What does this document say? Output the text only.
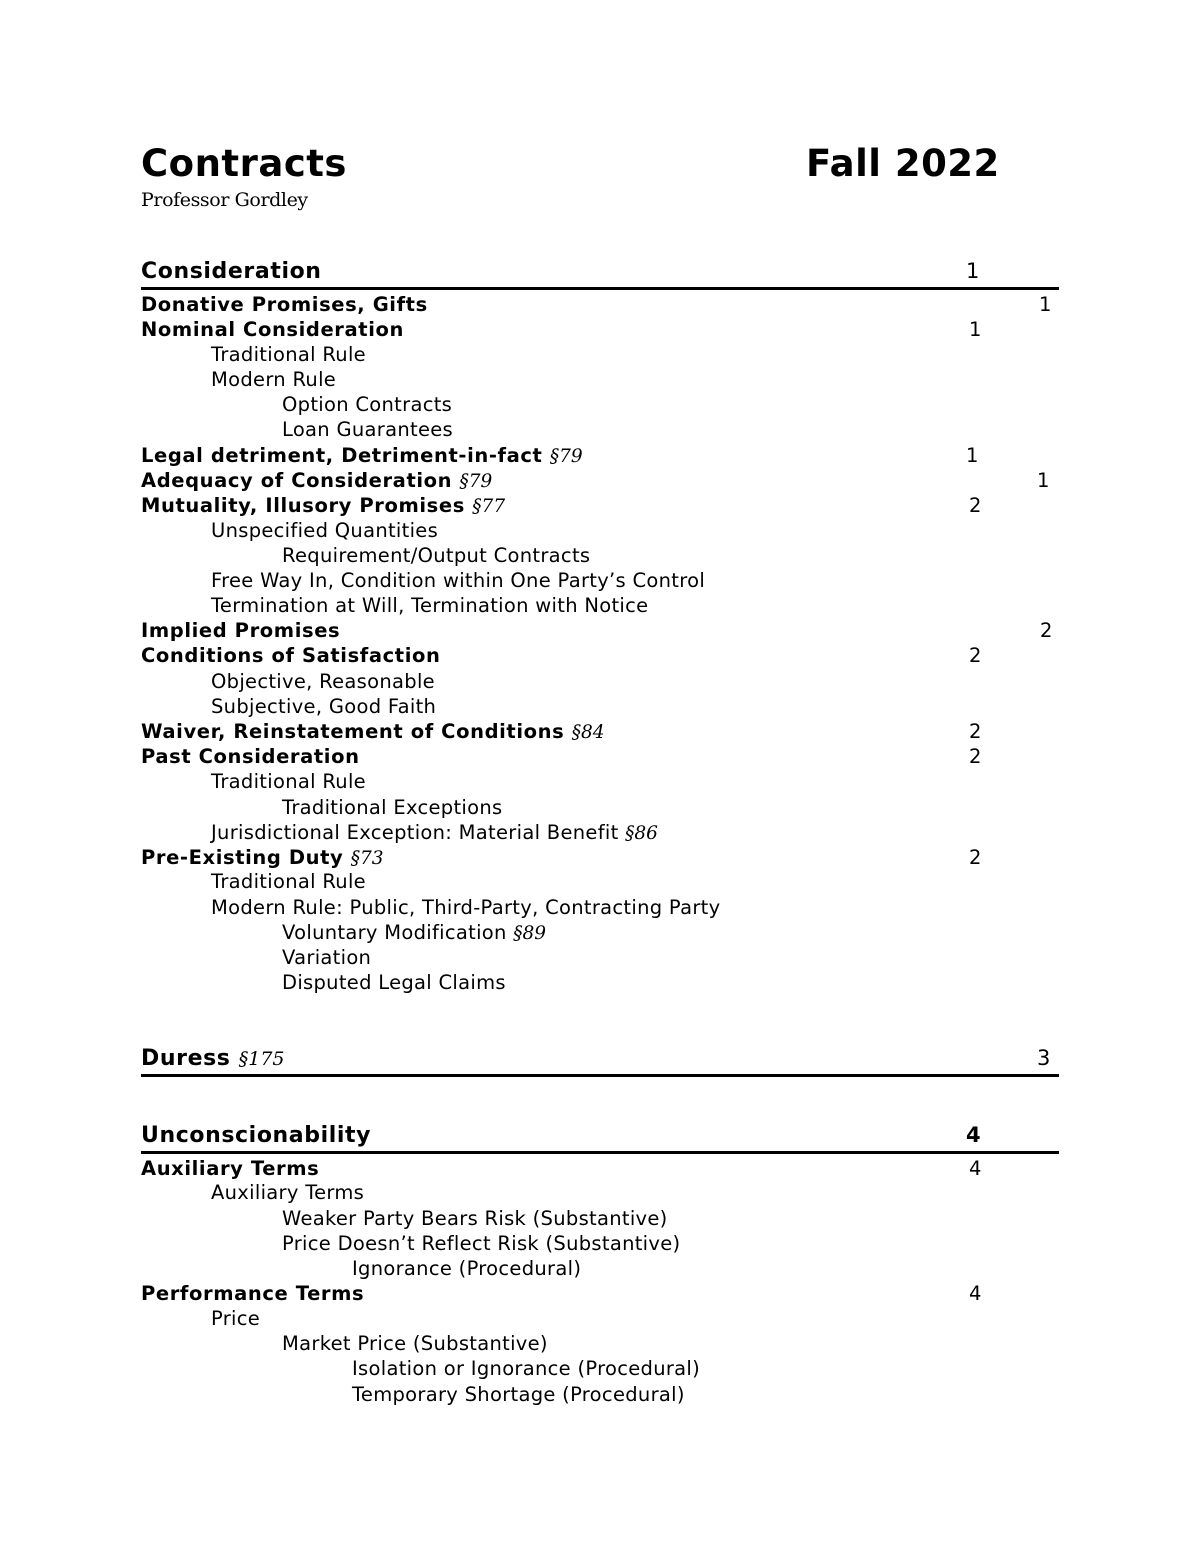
Contracts	Fall 2022
Professor Gordley
Consideration	1
Donative Promises, Gifts	1
Nominal Consideration	1
Traditional Rule
Modern Rule
Option Contracts
Loan Guarantees
Legal detriment, Detriment-in-fact §79	1
Adequacy of Consideration §79	1
Mutuality, Illusory Promises §77	2
Unspecified Quantities
Requirement/Output Contracts
Free Way In, Condition within One Party’s Control
Termination at Will, Termination with Notice
Implied Promises	2
Conditions of Satisfaction	2
Objective, Reasonable
Subjective, Good Faith
Waiver, Reinstatement of Conditions §84	2
Past Consideration	2
Traditional Rule
Traditional Exceptions
Jurisdictional Exception: Material Benefit §86
Pre-Existing Duty §73	2
Traditional Rule
Modern Rule: Public, Third-Party, Contracting Party
Voluntary Modification §89
Variation
Disputed Legal Claims
Duress §175	3
Unconscionability	4
Auxiliary Terms	4
Auxiliary Terms
Weaker Party Bears Risk (Substantive)
Price Doesn’t Reflect Risk (Substantive)
Ignorance (Procedural)
Performance Terms	4
Price
Market Price (Substantive)
Isolation or Ignorance (Procedural)
Temporary Shortage (Procedural)
